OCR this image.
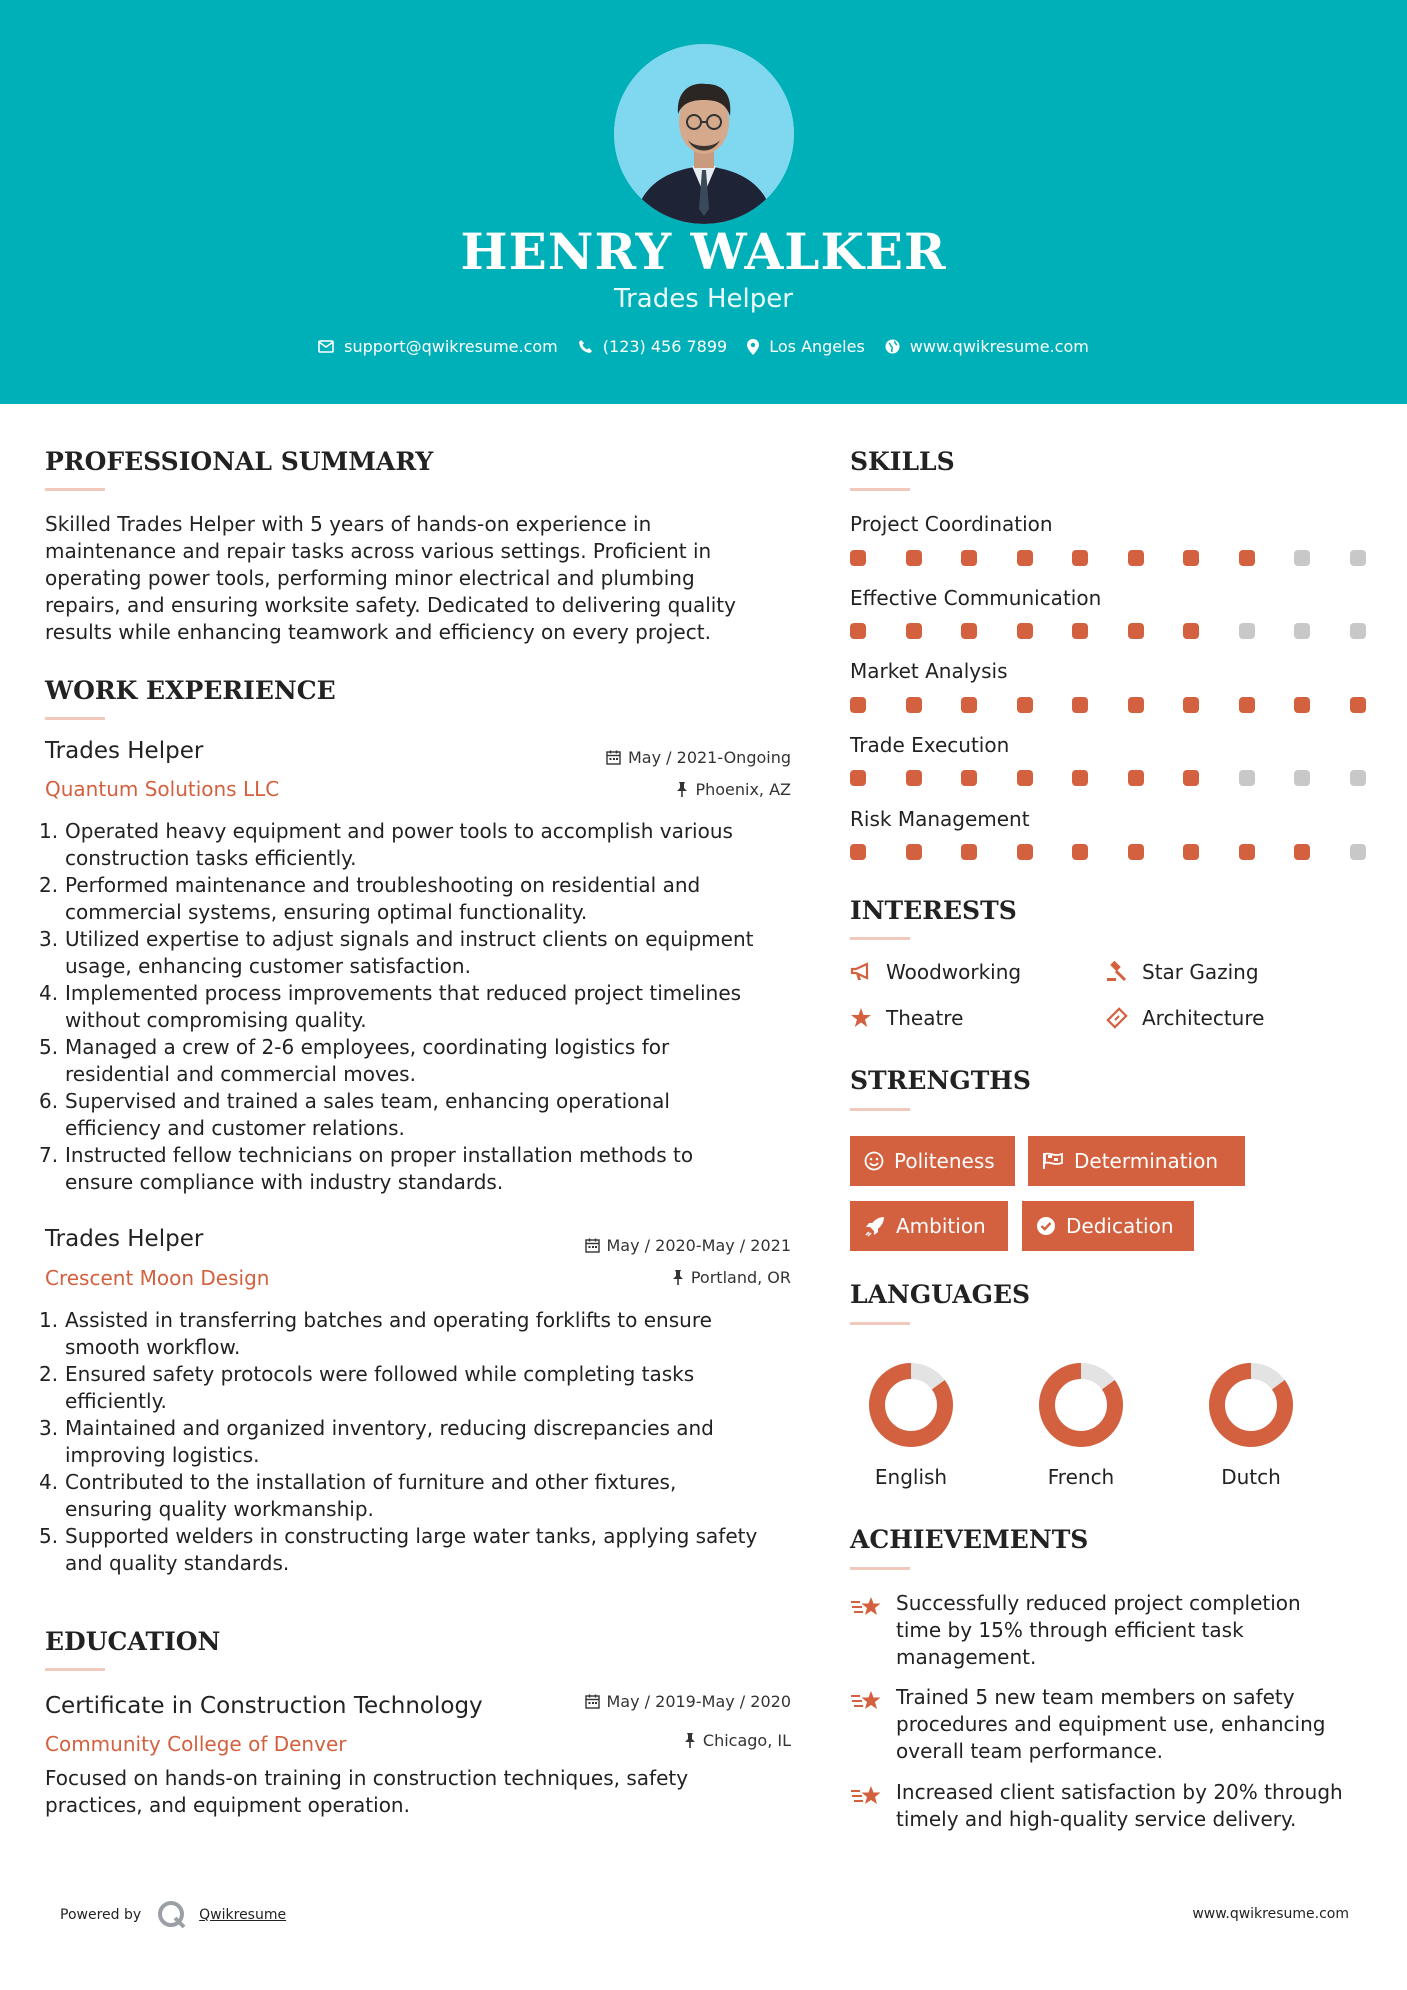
HENRY WALKER
Trades Helper
support@qwikresume.com	(123) 456 7899	Los Angeles	www.qwikresume.com
PROFESSIONAL SUMMARY
Skilled Trades Helper with 5 years of hands-on experience in
maintenance and repair tasks across various settings. Proficient in
operating power tools, performing minor electrical and plumbing
repairs, and ensuring worksite safety. Dedicated to delivering quality
results while enhancing teamwork and efficiency on every project.
WORK EXPERIENCE
Trades Helper
Quantum Solutions LLC
May / 2021-Ongoing
Phoenix, AZ
1. Operated heavy equipment and power tools to accomplish various
construction tasks efficiently.
2. Performed maintenance and troubleshooting on residential and
commercial systems, ensuring optimal functionality.
3. Utilized expertise to adjust signals and instruct clients on equipment
usage, enhancing customer satisfaction.
4. Implemented process improvements that reduced project timelines
without compromising quality.
5. Managed a crew of 2-6 employees, coordinating logistics for
residential and commercial moves.
6. Supervised and trained a sales team, enhancing operational
efficiency and customer relations.
7. Instructed fellow technicians on proper installation methods to
ensure compliance with industry standards.
Trades Helper
Crescent Moon Design
May / 2020-May / 2021
Portland, OR
1. Assisted in transferring batches and operating forklifts to ensure
smooth workflow.
2. Ensured safety protocols were followed while completing tasks
efficiently.
3. Maintained and organized inventory, reducing discrepancies and
improving logistics.
4. Contributed to the installation of furniture and other fixtures,
ensuring quality workmanship.
5. Supported welders in constructing large water tanks, applying safety
and quality standards.
EDUCATION
Certificate in Construction Technology
Community College of Denver
May / 2019-May / 2020
Chicago, IL
Focused on hands-on training in construction techniques, safety
practices, and equipment operation.
SKILLS
Project Coordination
Effective Communication
Market Analysis
Trade Execution
Risk Management
INTERESTS
Woodworking	Star Gazing
Theatre	Architecture
STRENGTHS
Politeness	Determination
Ambition	Dedication
LANGUAGES
English	French	Dutch
ACHIEVEMENTS
Successfully reduced project completion
time by 15% through efficient task
management.
Trained 5 new team members on safety
procedures and equipment use, enhancing
overall team performance.
Increased client satisfaction by 20% through
timely and high-quality service delivery.
Powered by	Qwikresume	www.qwikresume.com
